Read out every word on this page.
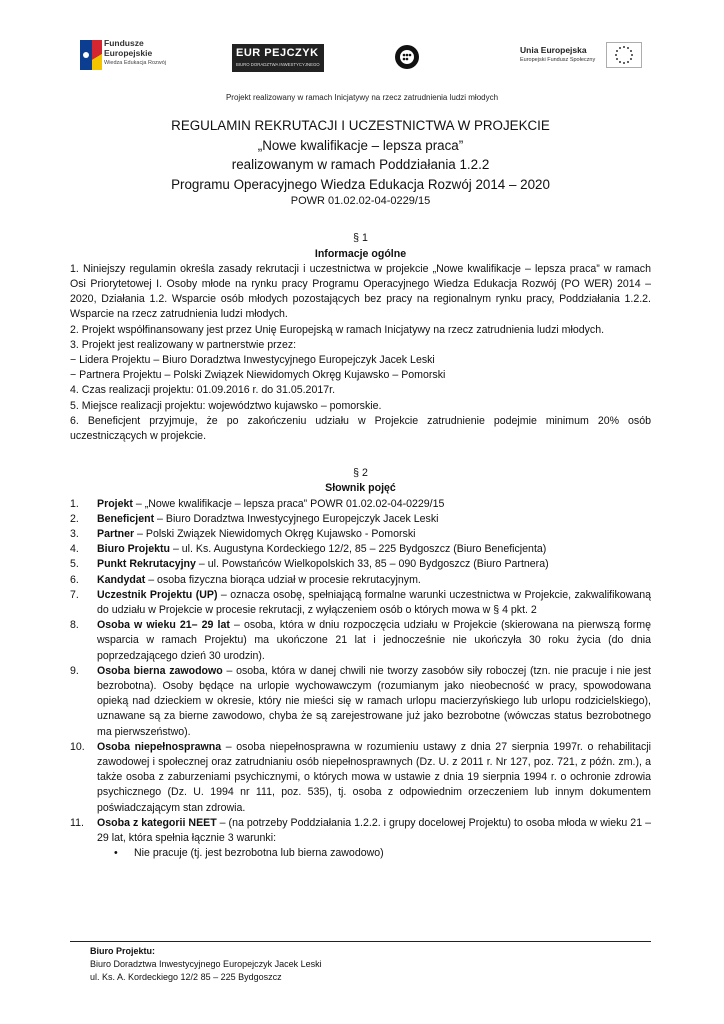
Fundusze
Europejskie
Wiedza Edukacja Rozwój
EUR PEJCZYK
BIURO DORADZTWA INWESTYCYJNEGO
Unia Europejska
Europejski Fundusz Społeczny
Projekt realizowany w ramach Inicjatywy na rzecz zatrudnienia ludzi młodych
REGULAMIN REKRUTACJI I UCZESTNICTWA W PROJEKCIE
„Nowe kwalifikacje – lepsza praca”
realizowanym w ramach Poddziałania 1.2.2
Programu Operacyjnego Wiedza Edukacja Rozwój 2014 – 2020
POWR 01.02.02-04-0229/15
§ 1
Informacje ogólne
1. Niniejszy regulamin określa zasady rekrutacji i uczestnictwa w projekcie „Nowe kwalifikacje – lepsza praca” w ramach Osi Priorytetowej I. Osoby młode na rynku pracy Programu Operacyjnego Wiedza Edukacja Rozwój (PO WER) 2014 – 2020, Działania 1.2. Wsparcie osób młodych pozostających bez pracy na regionalnym rynku pracy, Poddziałania 1.2.2. Wsparcie na rzecz zatrudnienia ludzi młodych.
2. Projekt współfinansowany jest przez Unię Europejską w ramach Inicjatywy na rzecz zatrudnienia ludzi młodych.
3. Projekt jest realizowany w partnerstwie przez:
− Lidera Projektu – Biuro Doradztwa Inwestycyjnego Europejczyk Jacek Leski
− Partnera Projektu – Polski Związek Niewidomych Okręg Kujawsko – Pomorski
4. Czas realizacji projektu: 01.09.2016 r. do 31.05.2017r.
5. Miejsce realizacji projektu: województwo kujawsko – pomorskie.
6. Beneficjent przyjmuje, że po zakończeniu udziału w Projekcie zatrudnienie podejmie minimum 20% osób uczestniczących w projekcie.
§ 2
Słownik pojęć
1. Projekt – „Nowe kwalifikacje – lepsza praca” POWR 01.02.02-04-0229/15
2. Beneficjent – Biuro Doradztwa Inwestycyjnego Europejczyk Jacek Leski
3. Partner – Polski Związek Niewidomych Okręg Kujawsko - Pomorski
4. Biuro Projektu – ul. Ks. Augustyna Kordeckiego 12/2, 85 – 225 Bydgoszcz (Biuro Beneficjenta)
5. Punkt Rekrutacyjny – ul. Powstańców Wielkopolskich 33, 85 – 090 Bydgoszcz (Biuro Partnera)
6. Kandydat – osoba fizyczna biorąca udział w procesie rekrutacyjnym.
7. Uczestnik Projektu (UP) – oznacza osobę, spełniającą formalne warunki uczestnictwa w Projekcie, zakwalifikowaną do udziału w Projekcie w procesie rekrutacji, z wyłączeniem osób o których mowa w § 4 pkt. 2
8. Osoba w wieku 21– 29 lat – osoba, która w dniu rozpoczęcia udziału w Projekcie (skierowana na pierwszą formę wsparcia w ramach Projektu) ma ukończone 21 lat i jednocześnie nie ukończyła 30 roku życia (do dnia poprzedzającego dzień 30 urodzin).
9. Osoba bierna zawodowo – osoba, która w danej chwili nie tworzy zasobów siły roboczej (tzn. nie pracuje i nie jest bezrobotna). Osoby będące na urlopie wychowawczym (rozumianym jako nieobecność w pracy, spowodowana opieką nad dzieckiem w okresie, który nie mieści się w ramach urlopu macierzyńskiego lub urlopu rodzicielskiego), uznawane są za bierne zawodowo, chyba że są zarejestrowane już jako bezrobotne (wówczas status bezrobotnego ma pierwszeństwo).
10. Osoba niepełnosprawna – osoba niepełnosprawna w rozumieniu ustawy z dnia 27 sierpnia 1997r. o rehabilitacji zawodowej i społecznej oraz zatrudnianiu osób niepełnosprawnych (Dz. U. z 2011 r. Nr 127, poz. 721, z późn. zm.), a także osoba z zaburzeniami psychicznymi, o których mowa w ustawie z dnia 19 sierpnia 1994 r. o ochronie zdrowia psychicznego (Dz. U. 1994 nr 111, poz. 535), tj. osoba z odpowiednim orzeczeniem lub innym dokumentem poświadczającym stan zdrowia.
11. Osoba z kategorii NEET – (na potrzeby Poddziałania 1.2.2. i grupy docelowej Projektu) to osoba młoda w wieku 21 – 29 lat, która spełnia łącznie 3 warunki:
• Nie pracuje (tj. jest bezrobotna lub bierna zawodowo)
Biuro Projektu:
Biuro Doradztwa Inwestycyjnego Europejczyk Jacek Leski
ul. Ks. A. Kordeckiego 12/2 85 – 225 Bydgoszcz
